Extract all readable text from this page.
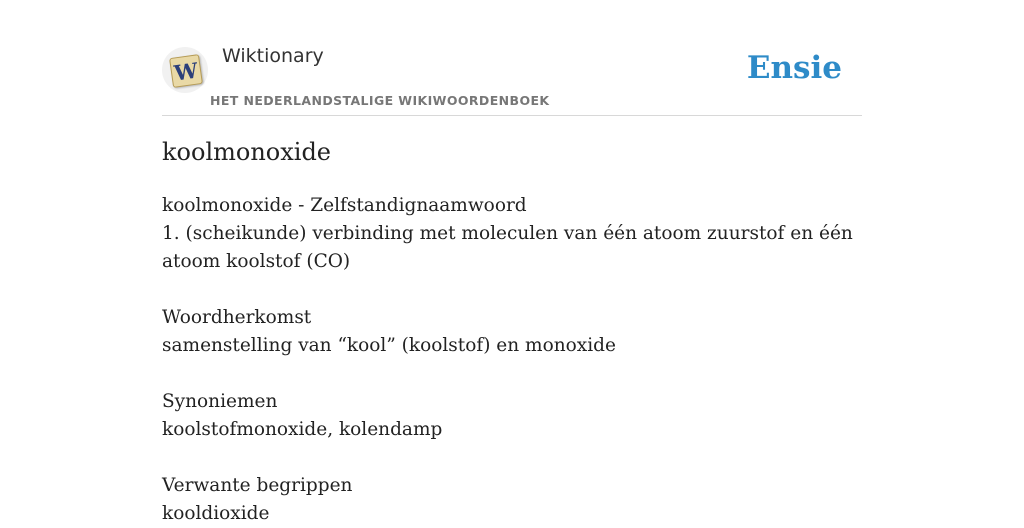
W
Wiktionary
HET NEDERLANDSTALIGE WIKIWOORDENBOEK
Ensie
koolmonoxide

koolmonoxide - Zelfstandignaamwoord

1. (scheikunde) verbinding met moleculen van één atoom zuurstof en één atoom koolstof (CO)

Woordherkomst

samenstelling van “kool” (koolstof) en monoxide

Synoniemen

koolstofmonoxide, kolendamp

Verwante begrippen

kooldioxide
